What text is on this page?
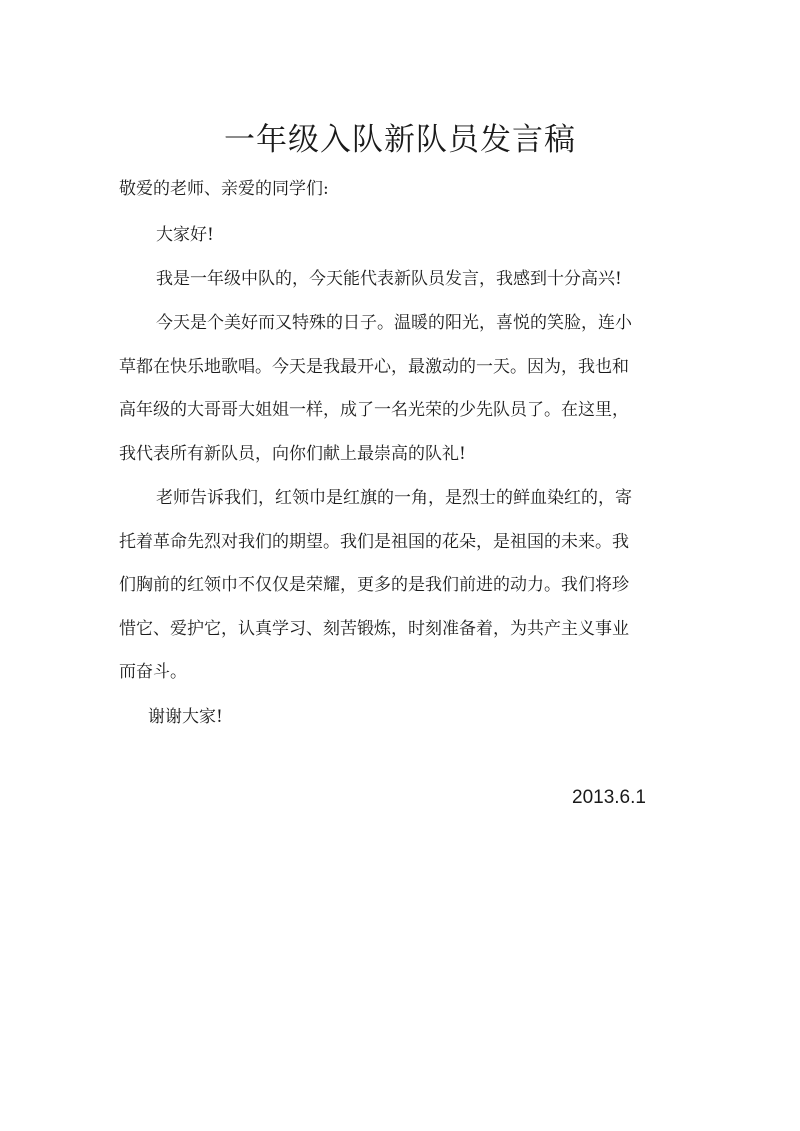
一年级入队新队员发言稿

敬爱的老师、亲爱的同学们:

大家好!

我是一年级中队的，今天能代表新队员发言，我感到十分高兴!

今天是个美好而又特殊的日子。温暖的阳光，喜悦的笑脸，连小

草都在快乐地歌唱。今天是我最开心，最激动的一天。因为，我也和

高年级的大哥哥大姐姐一样，成了一名光荣的少先队员了。在这里，

我代表所有新队员，向你们献上最崇高的队礼!

老师告诉我们，红领巾是红旗的一角，是烈士的鲜血染红的，寄

托着革命先烈对我们的期望。我们是祖国的花朵，是祖国的未来。我

们胸前的红领巾不仅仅是荣耀，更多的是我们前进的动力。我们将珍

惜它、爱护它，认真学习、刻苦锻炼，时刻准备着，为共产主义事业

而奋斗。

谢谢大家!

2013.6.1
